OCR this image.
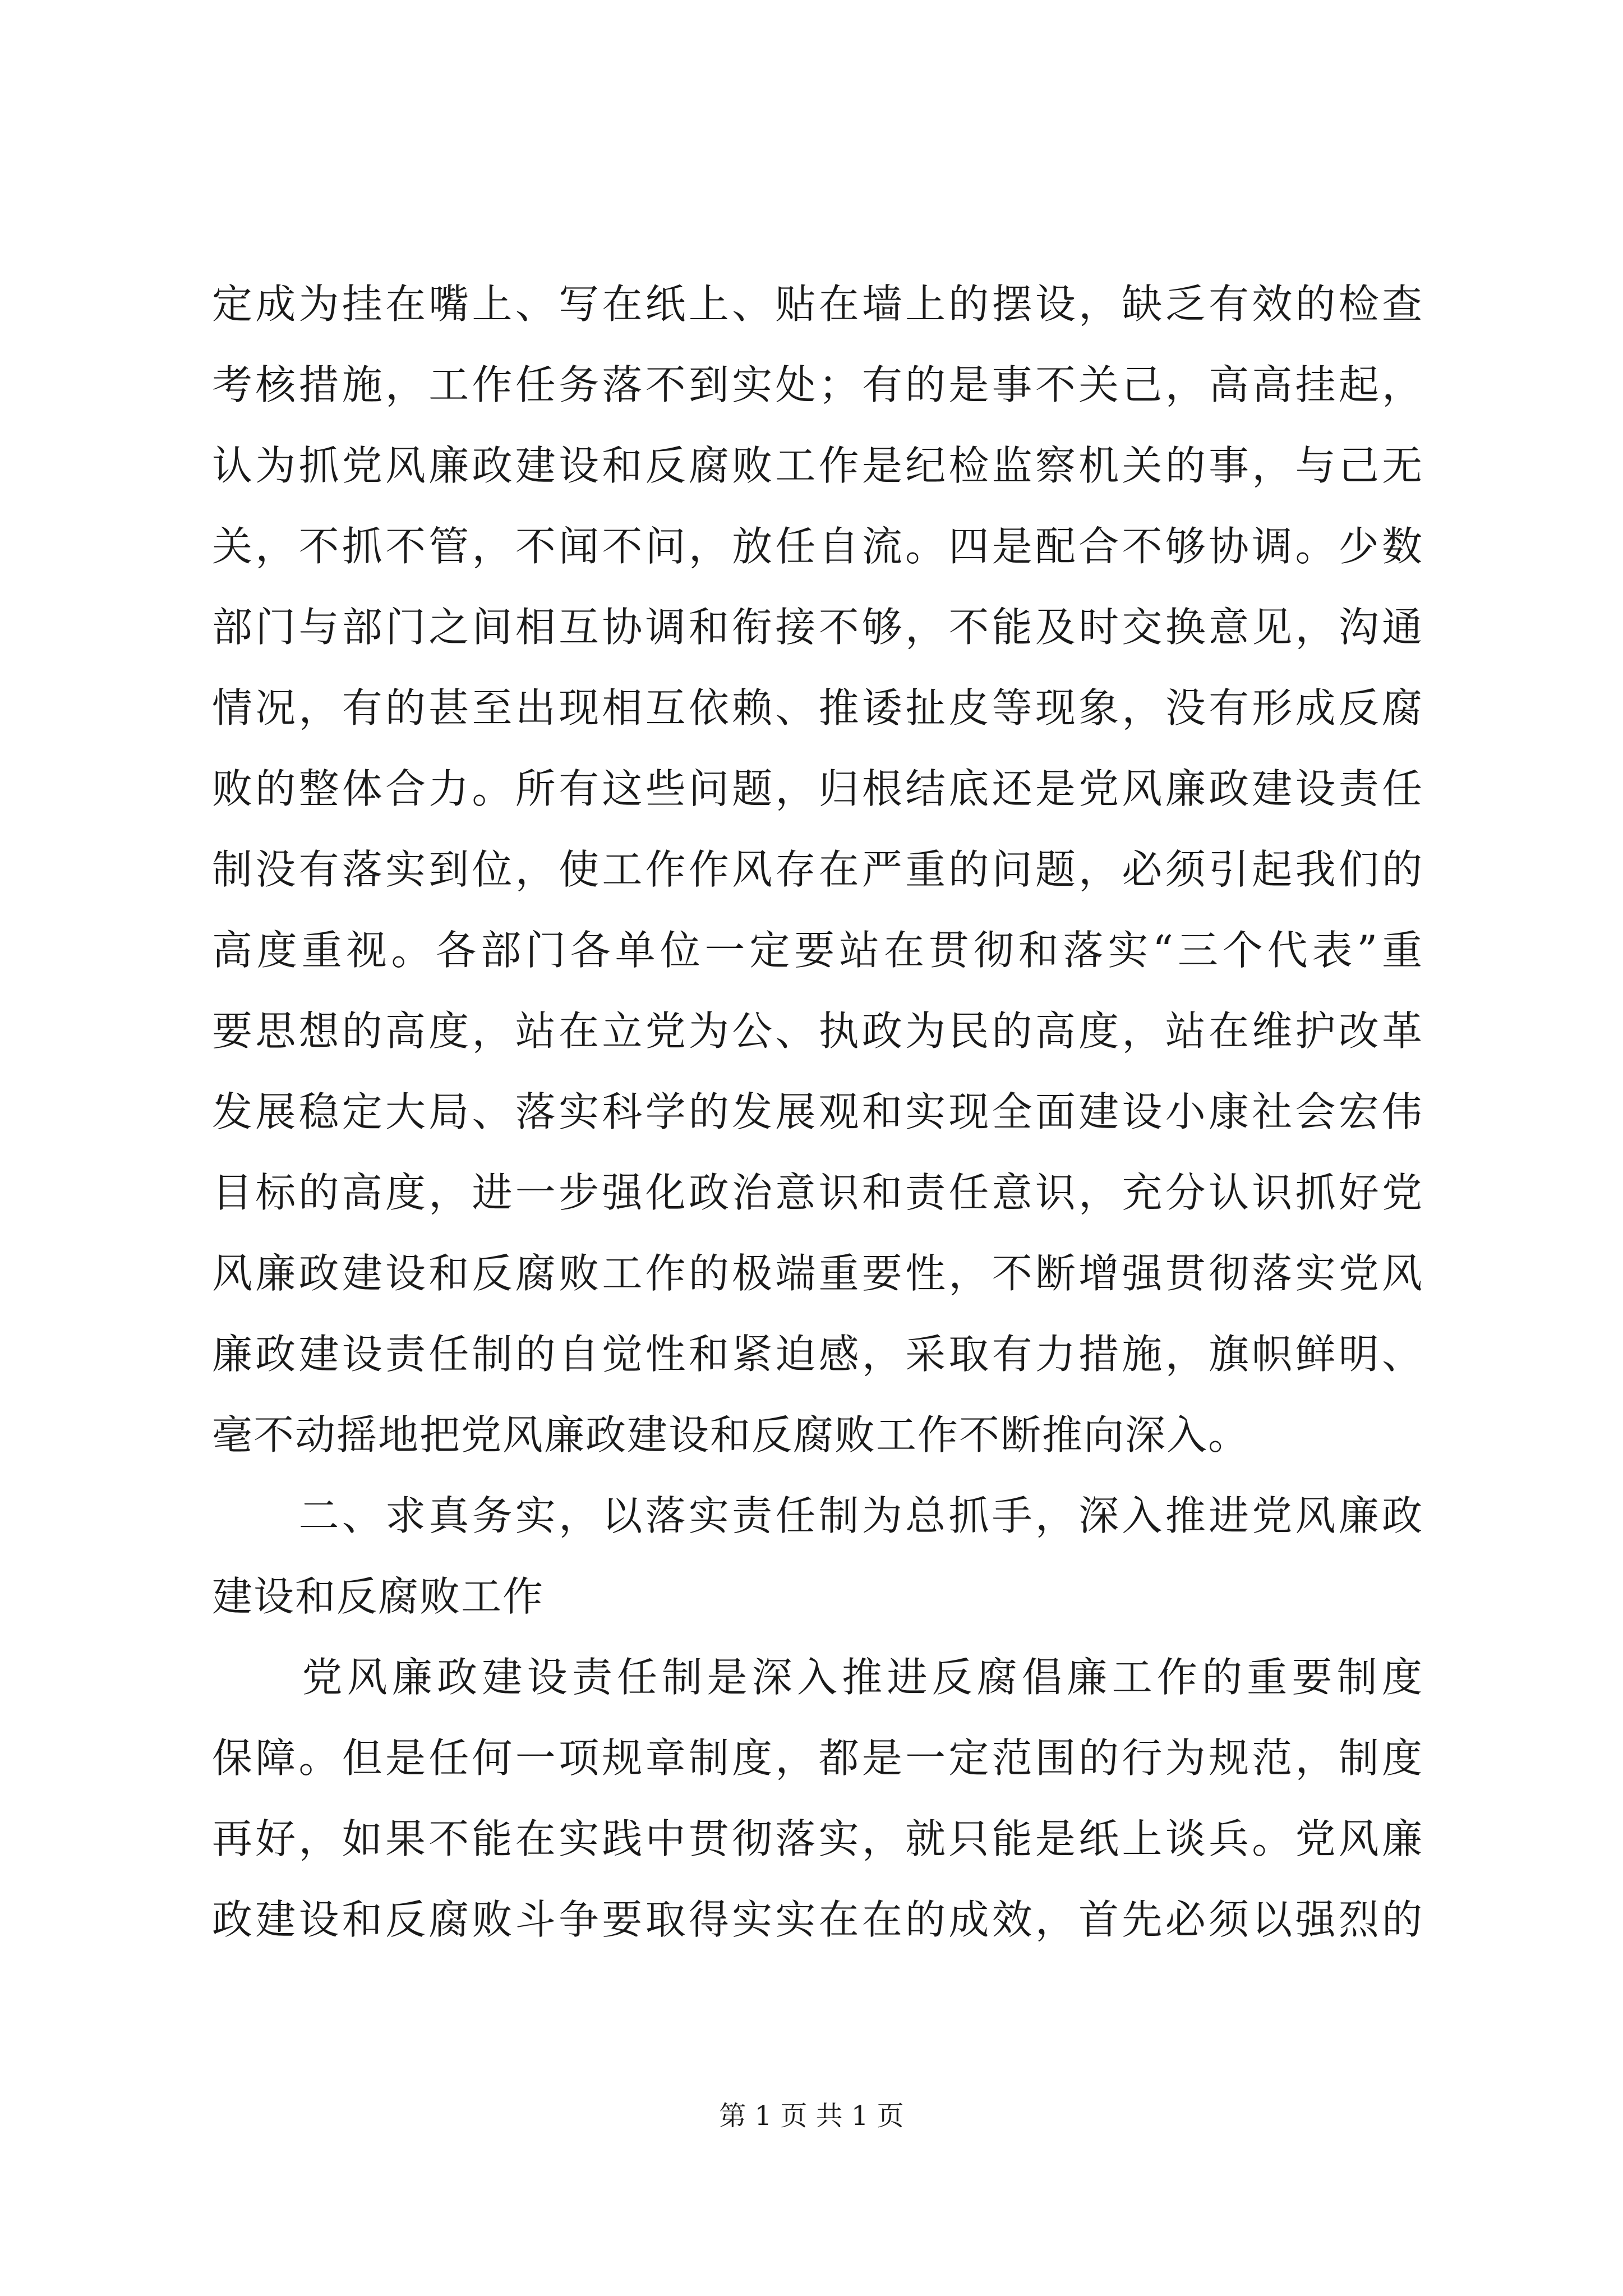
定成为挂在嘴上、写在纸上、贴在墙上的摆设，缺乏有效的检查
考核措施，工作任务落不到实处；有的是事不关己，高高挂起，
认为抓党风廉政建设和反腐败工作是纪检监察机关的事，与己无
关，不抓不管，不闻不问，放任自流。四是配合不够协调。少数
部门与部门之间相互协调和衔接不够，不能及时交换意见，沟通
情况，有的甚至出现相互依赖、推诿扯皮等现象，没有形成反腐
败的整体合力。所有这些问题，归根结底还是党风廉政建设责任
制没有落实到位，使工作作风存在严重的问题，必须引起我们的
高度重视。各部门各单位一定要站在贯彻和落实“三个代表”重
要思想的高度，站在立党为公、执政为民的高度，站在维护改革
发展稳定大局、落实科学的发展观和实现全面建设小康社会宏伟
目标的高度，进一步强化政治意识和责任意识，充分认识抓好党
风廉政建设和反腐败工作的极端重要性，不断增强贯彻落实党风
廉政建设责任制的自觉性和紧迫感，采取有力措施，旗帜鲜明、
毫不动摇地把党风廉政建设和反腐败工作不断推向深入。
　　二、求真务实，以落实责任制为总抓手，深入推进党风廉政
建设和反腐败工作
　　党风廉政建设责任制是深入推进反腐倡廉工作的重要制度
保障。但是任何一项规章制度，都是一定范围的行为规范，制度
再好，如果不能在实践中贯彻落实，就只能是纸上谈兵。党风廉
政建设和反腐败斗争要取得实实在在的成效，首先必须以强烈的
第 1 页 共 1 页
